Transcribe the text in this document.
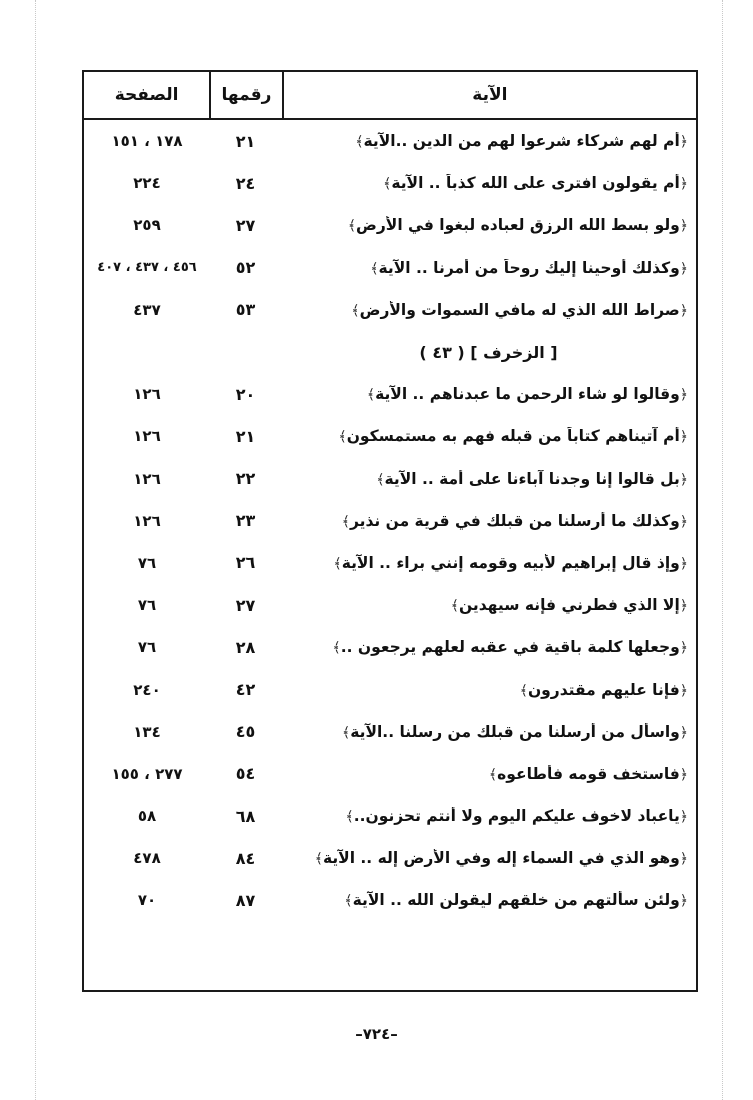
الآية
رقمها
الصفحة
﴿أم لهم شركاء شرعوا لهم من الدين ..الآية﴾
٢١
١٧٨ ، ١٥١
﴿أم يقولون افترى على الله كذباً .. الآية﴾
٢٤
٢٢٤
﴿ولو بسط الله الرزق لعباده لبغوا في الأرض﴾
٢٧
٢٥٩
﴿وكذلك أوحينا إليك روحاً من أمرنا .. الآية﴾
٥٢
٤٥٦ ، ٤٣٧ ، ٤٠٧
﴿صراط الله الذي له مافي السموات والأرض﴾
٥٣
٤٣٧
[ الزخرف ] ( ٤٣ )
﴿وقالوا لو شاء الرحمن ما عبدناهم .. الآية﴾
٢٠
١٢٦
﴿أم آتيناهم كتاباً من قبله فهم به مستمسكون﴾
٢١
١٢٦
﴿بل قالوا إنا وجدنا آباءنا على أمة .. الآية﴾
٢٢
١٢٦
﴿وكذلك ما أرسلنا من قبلك في قرية من نذير﴾
٢٣
١٢٦
﴿وإذ قال إبراهيم لأبيه وقومه إنني براء .. الآية﴾
٢٦
٧٦
﴿إلا الذي فطرني فإنه سيهدين﴾
٢٧
٧٦
﴿وجعلها كلمة باقية في عقبه لعلهم يرجعون ..﴾
٢٨
٧٦
﴿فإنا عليهم مقتدرون﴾
٤٢
٢٤٠
﴿واسأل من أرسلنا من قبلك من رسلنا ..الآية﴾
٤٥
١٣٤
﴿فاستخف قومه فأطاعوه﴾
٥٤
٢٧٧ ، ١٥٥
﴿ياعباد لاخوف عليكم اليوم ولا أنتم تحزنون..﴾
٦٨
٥٨
﴿وهو الذي في السماء إله وفي الأرض إله .. الآية﴾
٨٤
٤٧٨
﴿ولئن سألتهم من خلقهم ليقولن الله .. الآية﴾
٨٧
٧٠
–٧٢٤–
